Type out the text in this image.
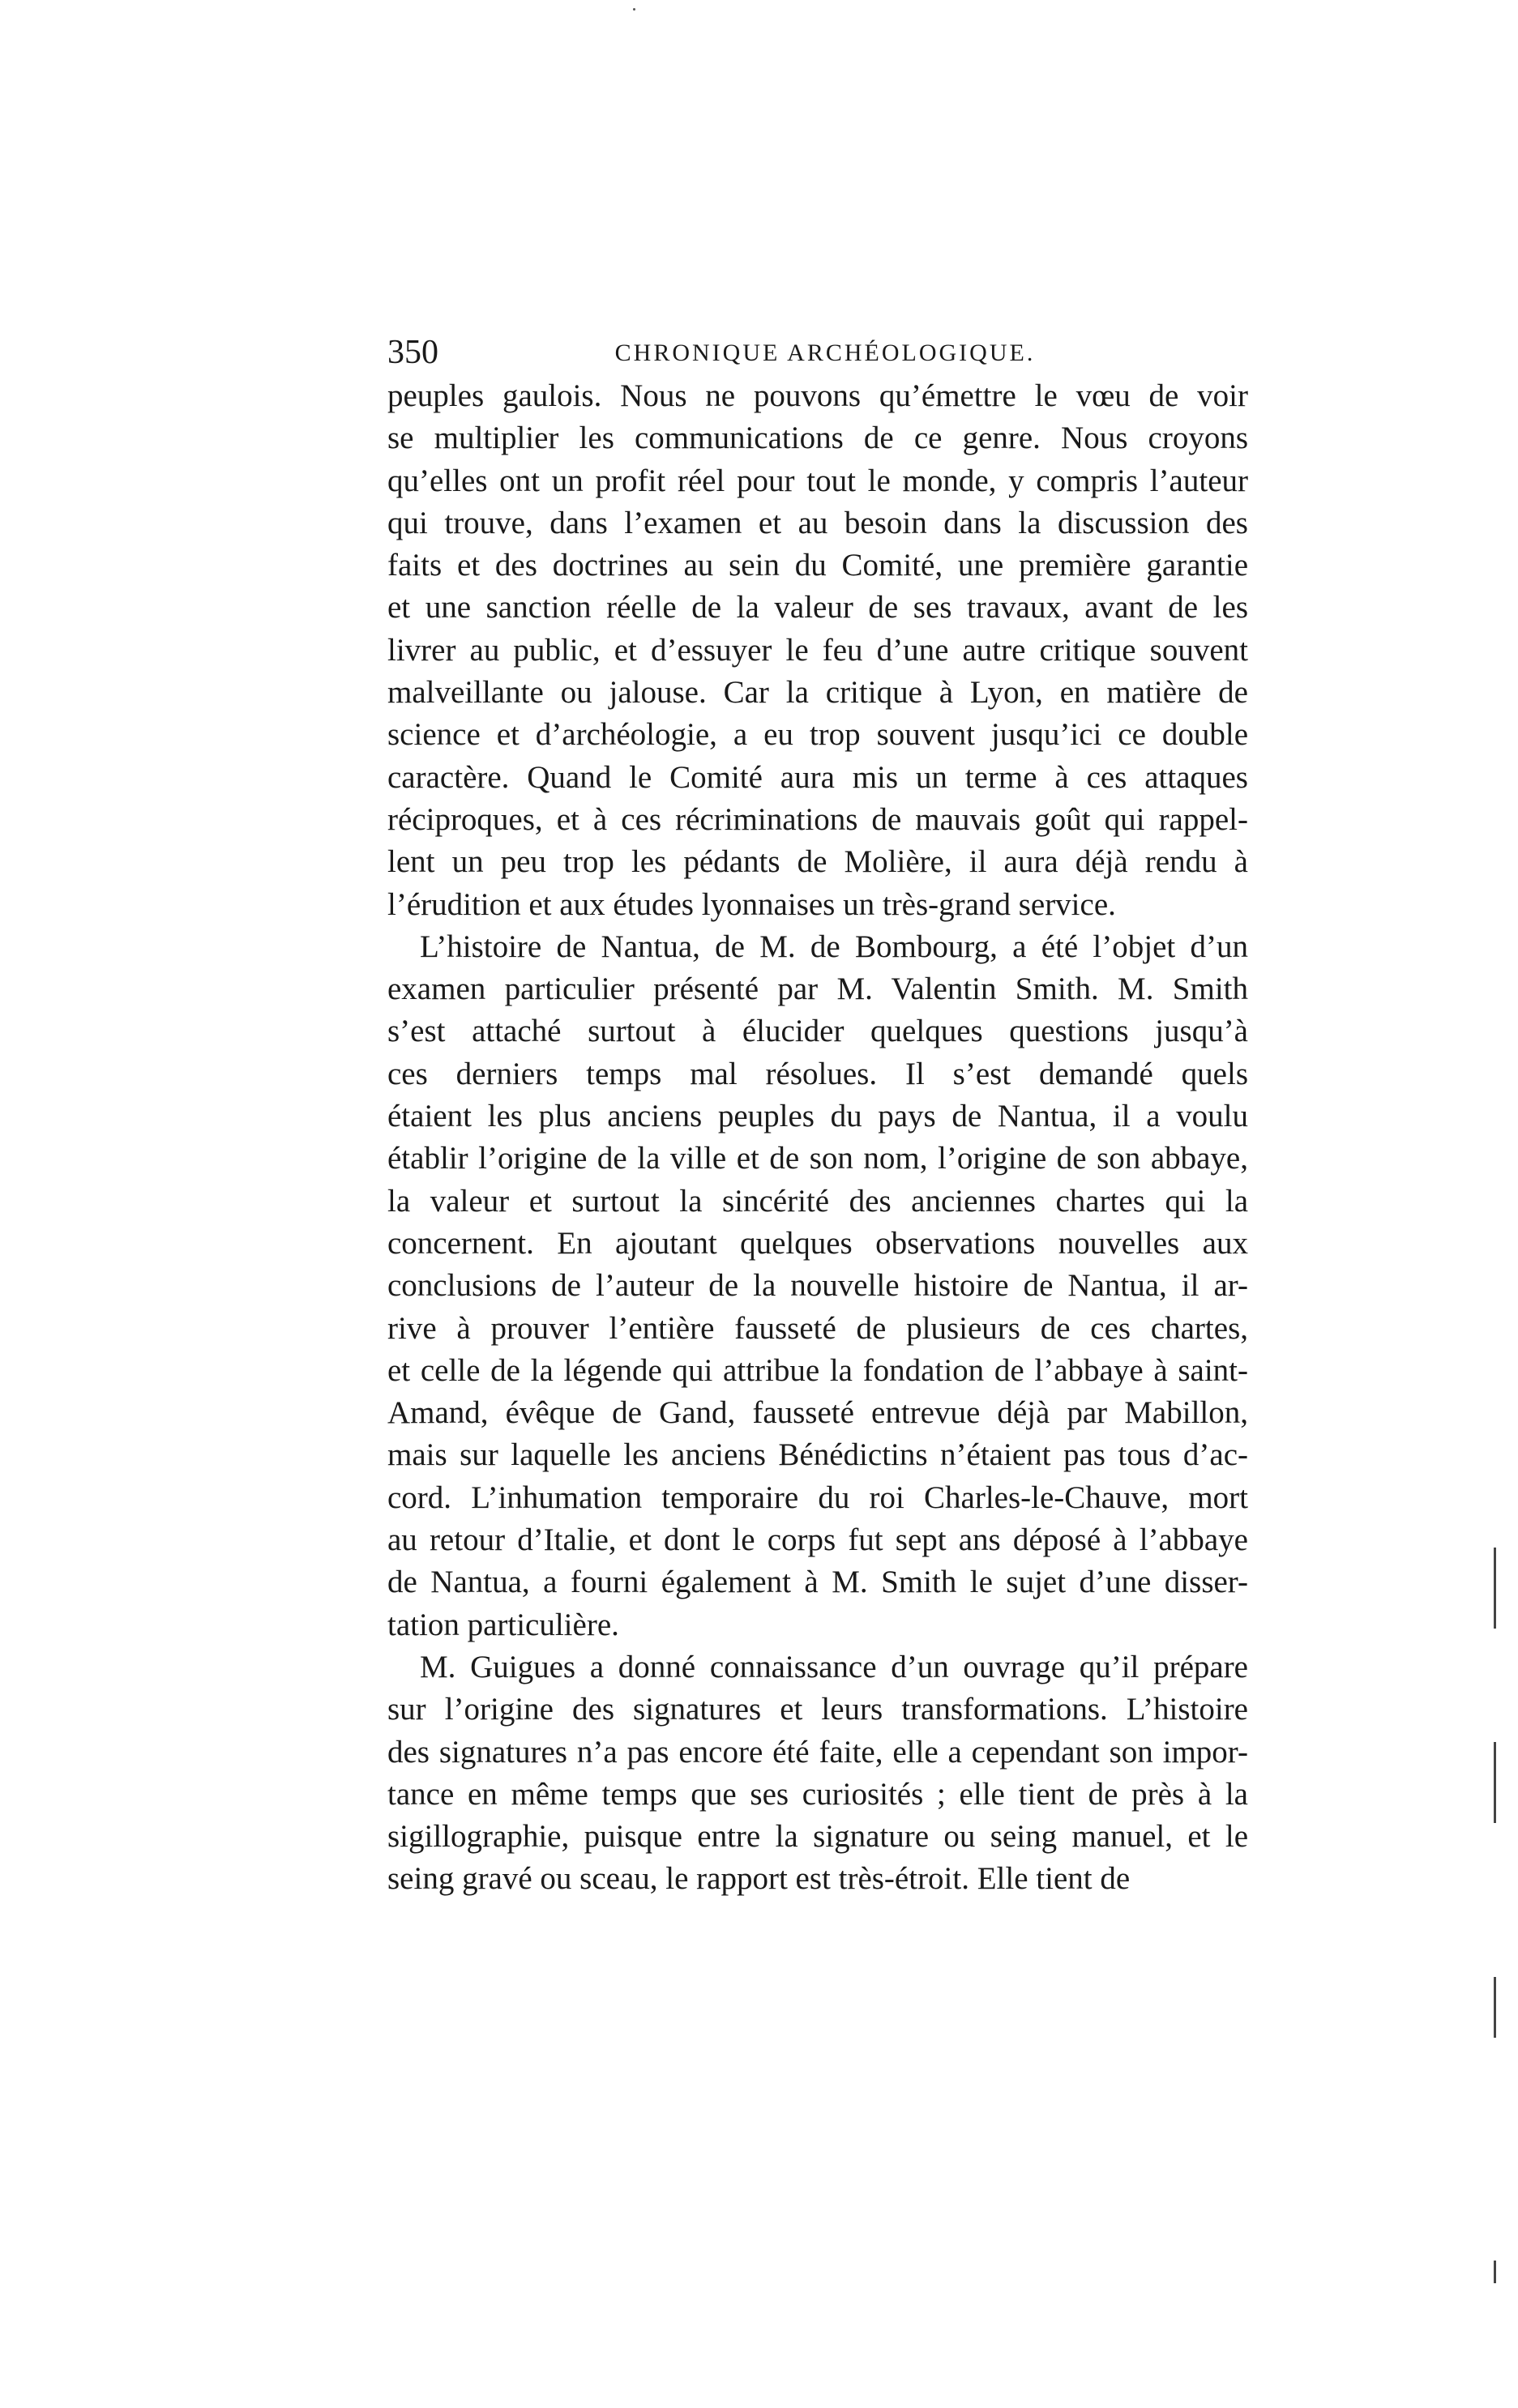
350	CHRONIQUE ARCHÉOLOGIQUE.
peuples gaulois. Nous ne pouvons qu’émettre le vœu de voir
se multiplier les communications de ce genre. Nous croyons
qu’elles ont un profit réel pour tout le monde, y compris l’auteur
qui trouve, dans l’examen et au besoin dans la discussion des
faits et des doctrines au sein du Comité, une première garantie
et une sanction réelle de la valeur de ses travaux, avant de les
livrer au public, et d’essuyer le feu d’une autre critique souvent
malveillante ou jalouse. Car la critique à Lyon, en matière de
science et d’archéologie, a eu trop souvent jusqu’ici ce double
caractère. Quand le Comité aura mis un terme à ces attaques
réciproques, et à ces récriminations de mauvais goût qui rappel-
lent un peu trop les pédants de Molière, il aura déjà rendu à
l’érudition et aux études lyonnaises un très-grand service.
L’histoire de Nantua, de M. de Bombourg, a été l’objet d’un
examen particulier présenté par M. Valentin Smith. M. Smith
s’est attaché surtout à élucider quelques questions jusqu’à
ces derniers temps mal résolues. Il s’est demandé quels
étaient les plus anciens peuples du pays de Nantua, il a voulu
établir l’origine de la ville et de son nom, l’origine de son abbaye,
la valeur et surtout la sincérité des anciennes chartes qui la
concernent. En ajoutant quelques observations nouvelles aux
conclusions de l’auteur de la nouvelle histoire de Nantua, il ar-
rive à prouver l’entière fausseté de plusieurs de ces chartes,
et celle de la légende qui attribue la fondation de l’abbaye à saint-
Amand, évêque de Gand, fausseté entrevue déjà par Mabillon,
mais sur laquelle les anciens Bénédictins n’étaient pas tous d’ac-
cord. L’inhumation temporaire du roi Charles-le-Chauve, mort
au retour d’Italie, et dont le corps fut sept ans déposé à l’abbaye
de Nantua, a fourni également à M. Smith le sujet d’une disser-
tation particulière.
M. Guigues a donné connaissance d’un ouvrage qu’il prépare
sur l’origine des signatures et leurs transformations. L’histoire
des signatures n’a pas encore été faite, elle a cependant son impor-
tance en même temps que ses curiosités ; elle tient de près à la
sigillographie, puisque entre la signature ou seing manuel, et le
seing gravé ou sceau, le rapport est très-étroit. Elle tient de
